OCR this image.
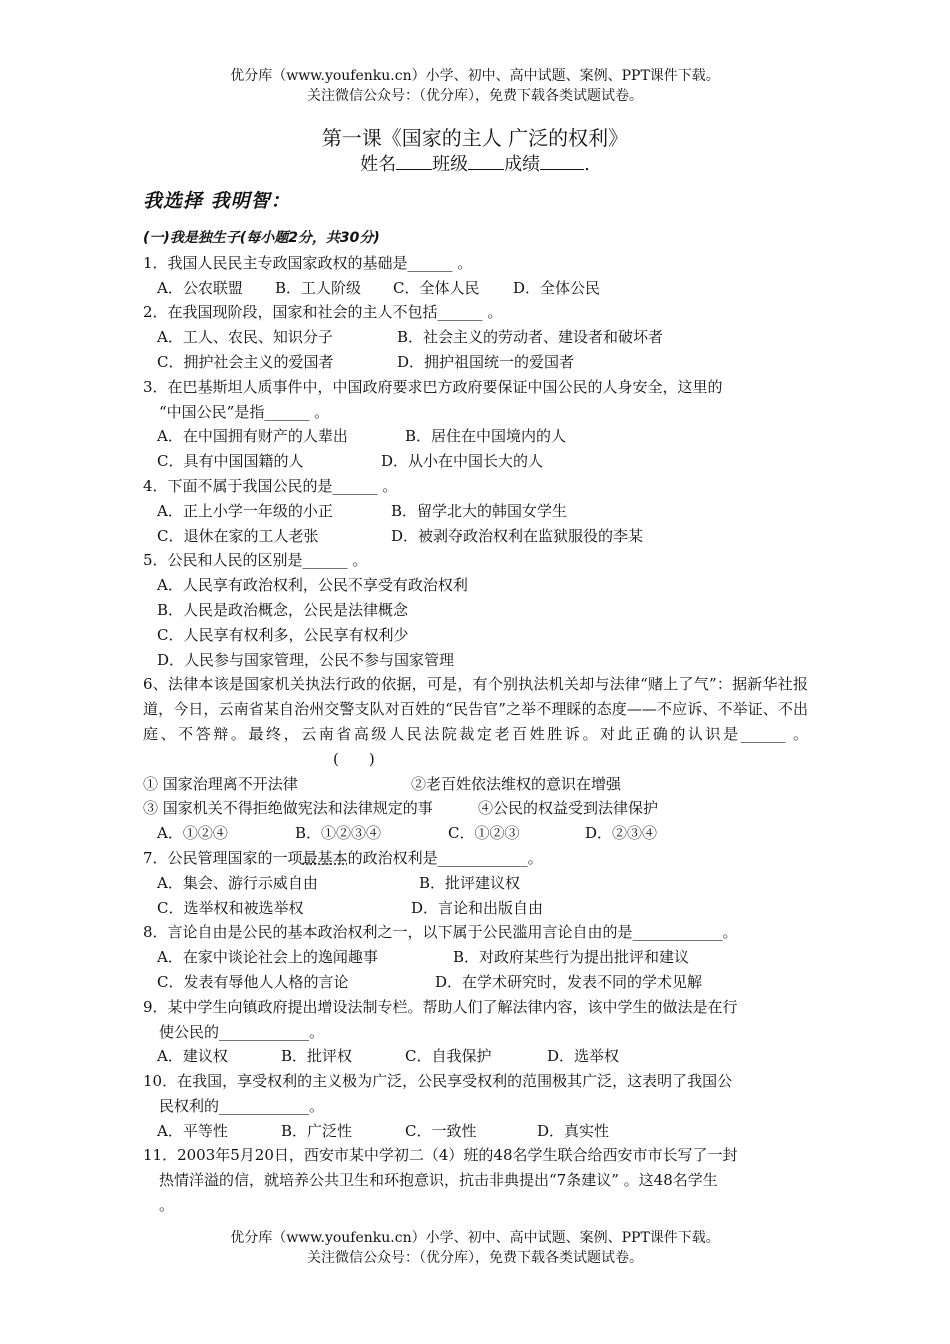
优分库（www.youfenku.cn）小学、初中、高中试题、案例、PPT课件下载。
关注微信公众号：（优分库），免费下载各类试题试卷。
第一课《国家的主人 广泛的权利》
姓名 班级 成绩 .
我选择 我明智：

(一)我是独生子(每小题2分，共30分)

1．我国人民民主专政国家政权的基础是______ 。

A．公农联盟 B．工人阶级 C．全体人民 D．全体公民

2．在我国现阶段，国家和社会的主人不包括______ 。

A．工人、农民、知识分子	B．社会主义的劳动者、建设者和破坏者

C．拥护社会主义的爱国者	D．拥护祖国统一的爱国者

3．在巴基斯坦人质事件中，中国政府要求巴方政府要保证中国公民的人身安全，这里的

“中国公民”是指______ 。

A．在中国拥有财产的人辈出	B．居住在中国境内的人

C．具有中国国籍的人	D．从小在中国长大的人

4．下面不属于我国公民的是______ 。

A．正上小学一年级的小正	B．留学北大的韩国女学生

C．退休在家的工人老张	D．被剥夺政治权利在监狱服役的李某

5．公民和人民的区别是______ 。

A．人民享有政治权利，公民不享受有政治权利

B．人民是政治概念，公民是法律概念

C．人民享有权利多，公民享有权利少

D．人民参与国家管理，公民不参与国家管理

6、法律本该是国家机关执法行政的依据，可是，有个别执法机关却与法律“赌上了气”：据新华社报道，今日，云南省某自治州交警支队对百姓的“民告官”之举不理睬的态度——不应诉、不举证、不出庭、不答辩。最终，云南省高级人民法院裁定老百姓胜诉。对此正确的认识是______ 。(　　)

① 国家治理离不开法律	②老百姓依法维权的意识在增强

③ 国家机关不得拒绝做宪法和法律规定的事	④公民的权益受到法律保护

A．①②④	B．①②③④	C．①②③	D．②③④

7．公民管理国家的一项最基本的政治权利是____________。

A．集会、游行示威自由	B．批评建议权

C．选举权和被选举权	D．言论和出版自由

8．言论自由是公民的基本政治权利之一，以下属于公民滥用言论自由的是____________。

A．在家中谈论社会上的逸闻趣事	B．对政府某些行为提出批评和建议

C．发表有辱他人人格的言论	D．在学术研究时，发表不同的学术见解

9．某中学生向镇政府提出增设法制专栏。帮助人们了解法律内容，该中学生的做法是在行

使公民的____________。

A．建议权	B．批评权	C．自我保护	D．选举权

10．在我国，享受权利的主义极为广泛，公民享受权利的范围极其广泛，这表明了我国公

民权利的____________。

A．平等性	B．广泛性	C．一致性	D．真实性

11．2003年5月20日，西安市某中学初二（4）班的48名学生联合给西安市市长写了一封

热情洋溢的信，就培养公共卫生和环抱意识，抗击非典提出“7条建议” 。这48名学生

。

优分库（www.youfenku.cn）小学、初中、高中试题、案例、PPT课件下载。
关注微信公众号：（优分库），免费下载各类试题试卷。
